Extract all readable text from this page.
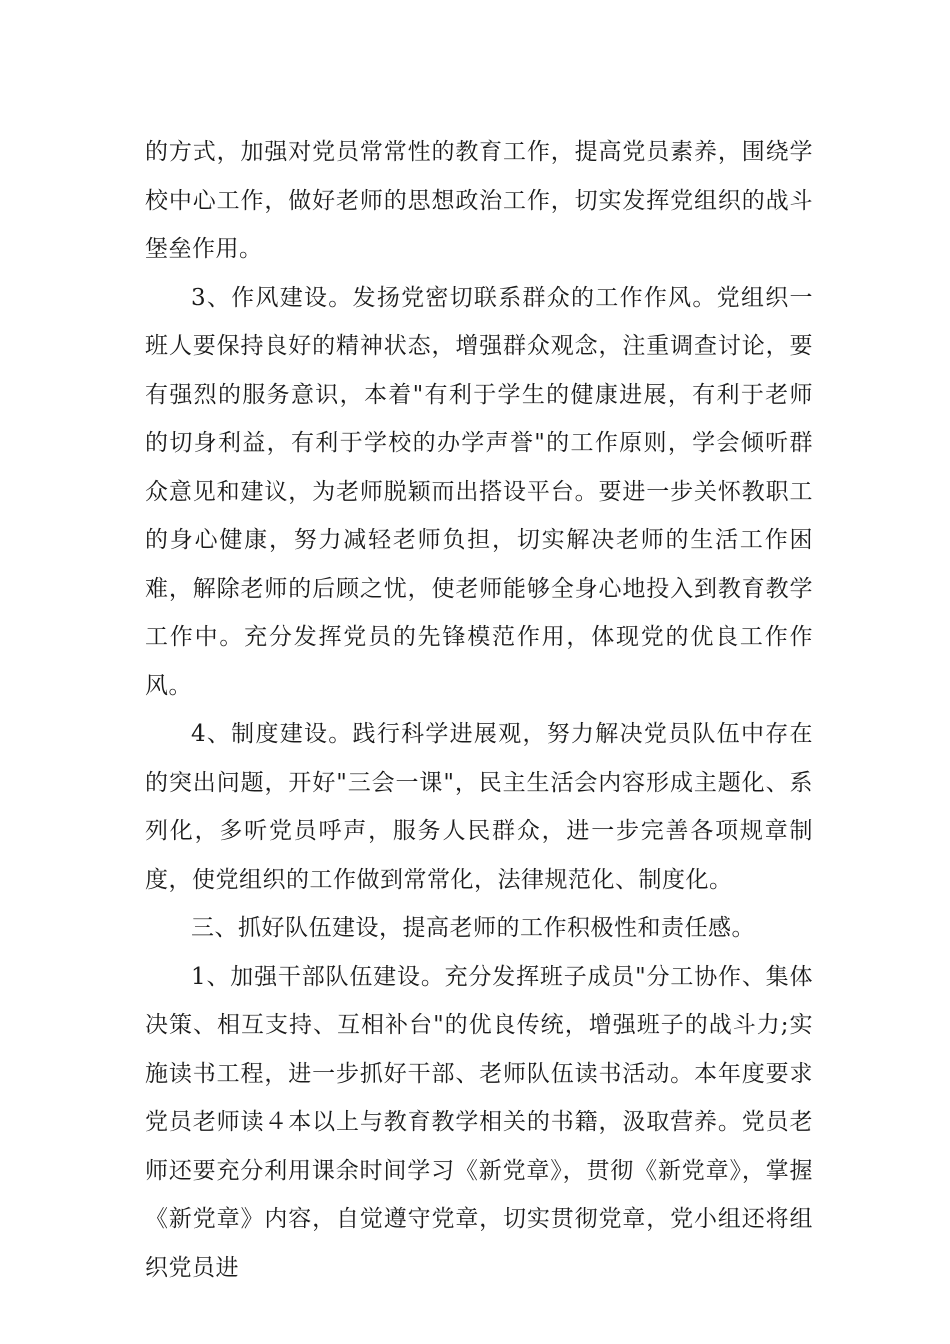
的方式，加强对党员常常性的教育工作，提高党员素养，围绕学校中心工作，做好老师的思想政治工作，切实发挥党组织的战斗堡垒作用。

3、作风建设。发扬党密切联系群众的工作作风。党组织一班人要保持良好的精神状态，增强群众观念，注重调查讨论，要有强烈的服务意识，本着"有利于学生的健康进展，有利于老师的切身利益，有利于学校的办学声誉"的工作原则，学会倾听群众意见和建议，为老师脱颖而出搭设平台。要进一步关怀教职工的身心健康，努力减轻老师负担，切实解决老师的生活工作困难，解除老师的后顾之忧，使老师能够全身心地投入到教育教学工作中。充分发挥党员的先锋模范作用，体现党的优良工作作风。

4、制度建设。践行科学进展观，努力解决党员队伍中存在的突出问题，开好"三会一课"，民主生活会内容形成主题化、系列化，多听党员呼声，服务人民群众，进一步完善各项规章制度，使党组织的工作做到常常化，法律规范化、制度化。

三、抓好队伍建设，提高老师的工作积极性和责任感。

1、加强干部队伍建设。充分发挥班子成员"分工协作、集体决策、相互支持、互相补台"的优良传统，增强班子的战斗力;实施读书工程，进一步抓好干部、老师队伍读书活动。本年度要求党员老师读４本以上与教育教学相关的书籍，汲取营养。党员老师还要充分利用课余时间学习《新党章》，贯彻《新党章》，掌握《新党章》内容，自觉遵守党章，切实贯彻党章，党小组还将组织党员进
